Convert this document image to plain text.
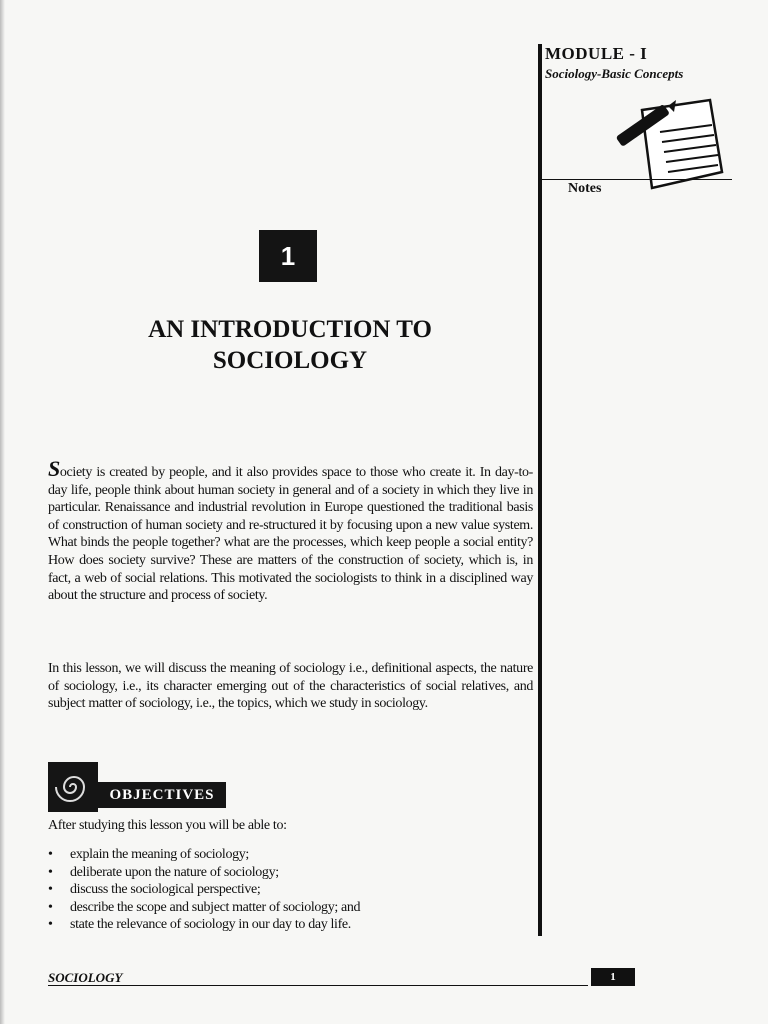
MODULE - I
Sociology-Basic Concepts
Notes
1
AN INTRODUCTION TO
SOCIOLOGY
Society is created by people, and it also provides space to those who create it. In day-to-day life, people think about human society in general and of a society in which they live in particular. Renaissance and industrial revolution in Europe questioned the traditional basis of construction of human society and re-structured it by focusing upon a new value system. What binds the people together? what are the processes, which keep people a social entity? How does society survive? These are matters of the construction of society, which is, in fact, a web of social relations. This motivated the sociologists to think in a disciplined way about the structure and process of society.
In this lesson, we will discuss the meaning of sociology i.e., definitional aspects, the nature of sociology, i.e., its character emerging out of the characteristics of social relatives, and subject matter of sociology, i.e., the topics, which we study in sociology.
OBJECTIVES
After studying this lesson you will be able to:
• explain the meaning of sociology;
• deliberate upon the nature of sociology;
• discuss the sociological perspective;
• describe the scope and subject matter of sociology; and
• state the relevance of sociology in our day to day life.
SOCIOLOGY	1
